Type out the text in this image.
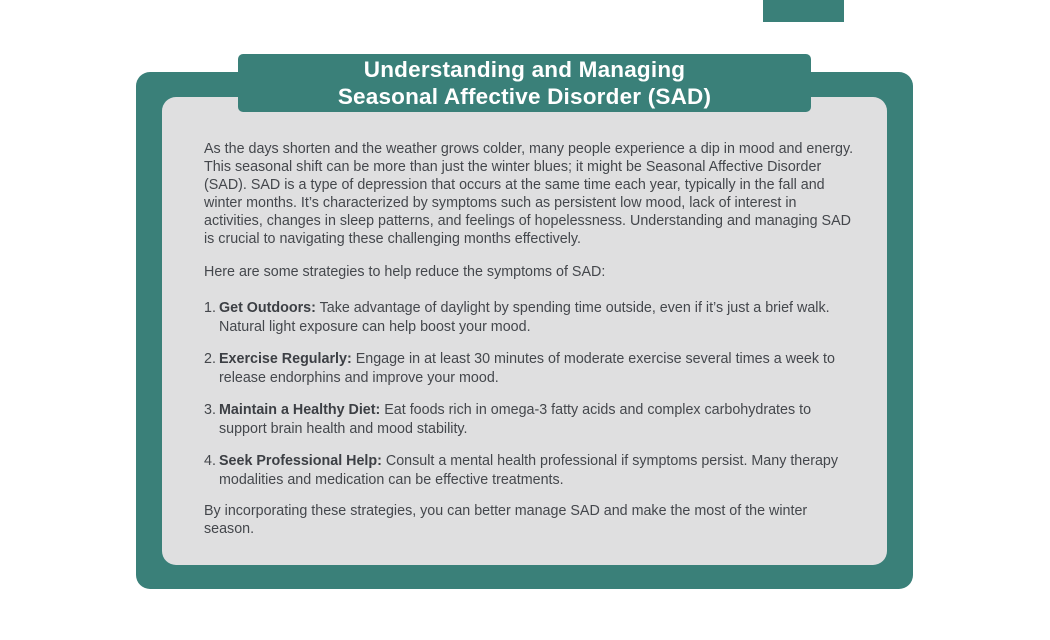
Understanding and Managing
Seasonal Affective Disorder (SAD)

As the days shorten and the weather grows colder, many people experience a dip in mood and energy. This seasonal shift can be more than just the winter blues; it might be Seasonal Affective Disorder (SAD). SAD is a type of depression that occurs at the same time each year, typically in the fall and winter months. It’s characterized by symptoms such as persistent low mood, lack of interest in activities, changes in sleep patterns, and feelings of hopelessness. Understanding and managing SAD is crucial to navigating these challenging months effectively.

Here are some strategies to help reduce the symptoms of SAD:

1. Get Outdoors: Take advantage of daylight by spending time outside, even if it’s just a brief walk. Natural light exposure can help boost your mood.
2. Exercise Regularly: Engage in at least 30 minutes of moderate exercise several times a week to release endorphins and improve your mood.
3. Maintain a Healthy Diet: Eat foods rich in omega-3 fatty acids and complex carbohydrates to support brain health and mood stability.
4. Seek Professional Help: Consult a mental health professional if symptoms persist. Many therapy modalities and medication can be effective treatments.

By incorporating these strategies, you can better manage SAD and make the most of the winter season.
